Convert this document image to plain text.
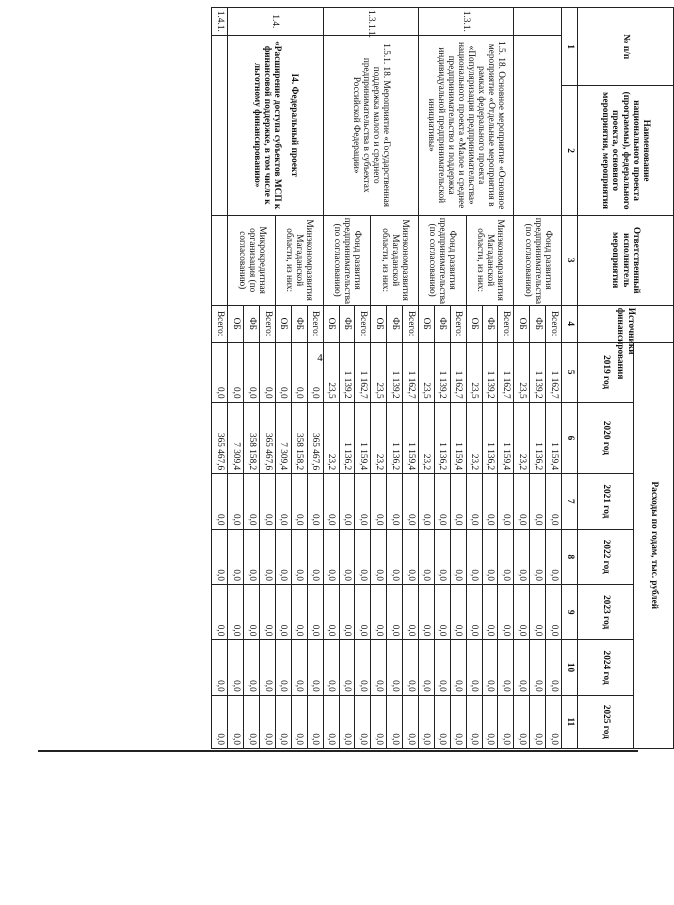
4
№ п/п		Наименование национального проекта (программы), федерального проекта, основного мероприятия, мероприятия	Ответственный исполнитель мероприятия	Источники финансирования	Расходы по годам, тыс. рублей						
					2019 год	2020 год	2021 год	2022 год	2023 год	2024 год	2025 год
1		2	3	4	5	6	7	8	9	10	11
			Фонд развития предпринимательства (по согласованию)	Всего:	1 162,7	1 159,4	0,0	0,0	0,0	0,0	0,0
				ФБ	1 139,2	1 136,2	0,0	0,0	0,0	0,0	0,0
				ОБ	23,5	23,2	0,0	0,0	0,0	0,0	0,0
1.3.1.	1.5. 18. Основное мероприятие «Основное мероприятие «Отдельные мероприятия в рамках федерального проекта «Популяризация предпринимательства» национального проекта «Малое и среднее предпринимательство и поддержка индивидуальной предпринимательской инициативы»		Минэкономразвития Магаданской области, из них:	Всего:	1 162,7	1 159,4	0,0	0,0	0,0	0,0	0,0
				ФБ	1 139,2	1 136,2	0,0	0,0	0,0	0,0	0,0
				ОБ	23,5	23,2	0,0	0,0	0,0	0,0	0,0
			Фонд развития предпринимательства (по согласованию)	Всего:	1 162,7	1 159,4	0,0	0,0	0,0	0,0	0,0
				ФБ	1 139,2	1 136,2	0,0	0,0	0,0	0,0	0,0
				ОБ	23,5	23,2	0,0	0,0	0,0	0,0	0,0
1.3.1.1.	1.5.1. 18. Мероприятие «Государственная поддержка малого и среднего предпринимательства в субъектах Российской Федерации»		Минэкономразвития Магаданской области, из них:	Всего:	1 162,7	1 159,4	0,0	0,0	0,0	0,0	0,0
				ФБ	1 139,2	1 136,2	0,0	0,0	0,0	0,0	0,0
				ОБ	23,5	23,2	0,0	0,0	0,0	0,0	0,0
			Фонд развития предпринимательства (по согласованию)	Всего:	1 162,7	1 159,4	0,0	0,0	0,0	0,0	0,0
				ФБ	1 139,2	1 136,2	0,0	0,0	0,0	0,0	0,0
				ОБ	23,5	23,2	0,0	0,0	0,0	0,0	0,0
1.4.	I4. Федеральный проект
«Расширение доступа субъектов МСП к финансовой поддержке, в том числе к льготному финансированию»		Минэкономразвития Магаданской области, из них:	Всего:	0,0	365 467,6	0,0	0,0	0,0	0,0	0,0
				ФБ	0,0	358 158,2	0,0	0,0	0,0	0,0	0,0
				ОБ	0,0	7 309,4	0,0	0,0	0,0	0,0	0,0
			Микрокредитная организация (по согласованию)	Всего:	0,0	365 467,6	0,0	0,0	0,0	0,0	0,0
				ФБ	0,0	358 158,2	0,0	0,0	0,0	0,0	0,0
				ОБ	0,0	7 309,4	0,0	0,0	0,0	0,0	0,0
1.4.1.				Всего:	0,0	365 467,6	0,0	0,0	0,0	0,0	0,0
